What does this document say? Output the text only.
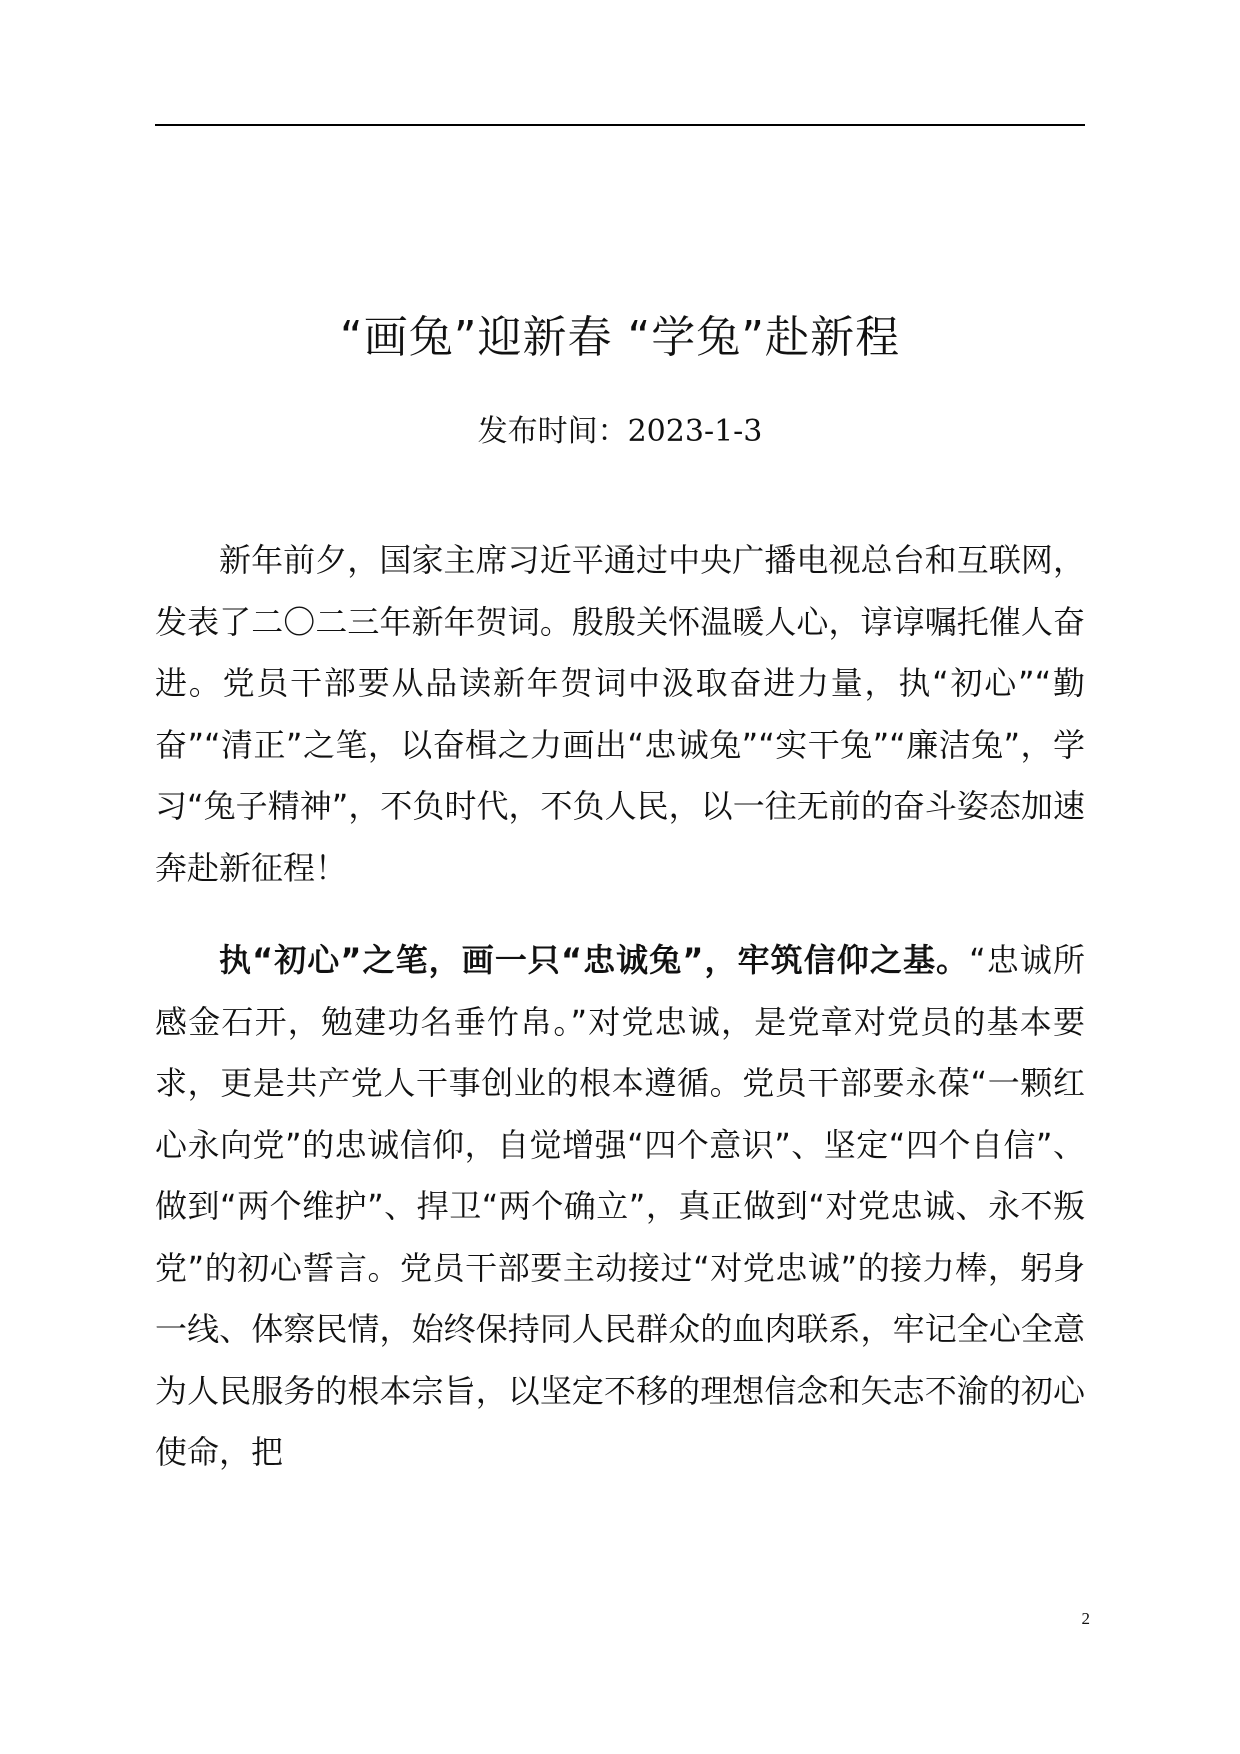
“画兔”迎新春 “学兔”赴新程
发布时间：2023-1-3

新年前夕，国家主席习近平通过中央广播电视总台和互联网，发表了二〇二三年新年贺词。殷殷关怀温暖人心，谆谆嘱托催人奋进。党员干部要从品读新年贺词中汲取奋进力量，执“初心”“勤奋”“清正”之笔，以奋楫之力画出“忠诚兔”“实干兔”“廉洁兔”，学习“兔子精神”，不负时代，不负人民，以一往无前的奋斗姿态加速奔赴新征程！

执“初心”之笔，画一只“忠诚兔”，牢筑信仰之基。“忠诚所感金石开，勉建功名垂竹帛。”对党忠诚，是党章对党员的基本要求，更是共产党人干事创业的根本遵循。党员干部要永葆“一颗红心永向党”的忠诚信仰，自觉增强“四个意识”、坚定“四个自信”、做到“两个维护”、捍卫“两个确立”，真正做到“对党忠诚、永不叛党”的初心誓言。党员干部要主动接过“对党忠诚”的接力棒，躬身一线、体察民情，始终保持同人民群众的血肉联系，牢记全心全意为人民服务的根本宗旨，以坚定不移的理想信念和矢志不渝的初心使命，把

2
